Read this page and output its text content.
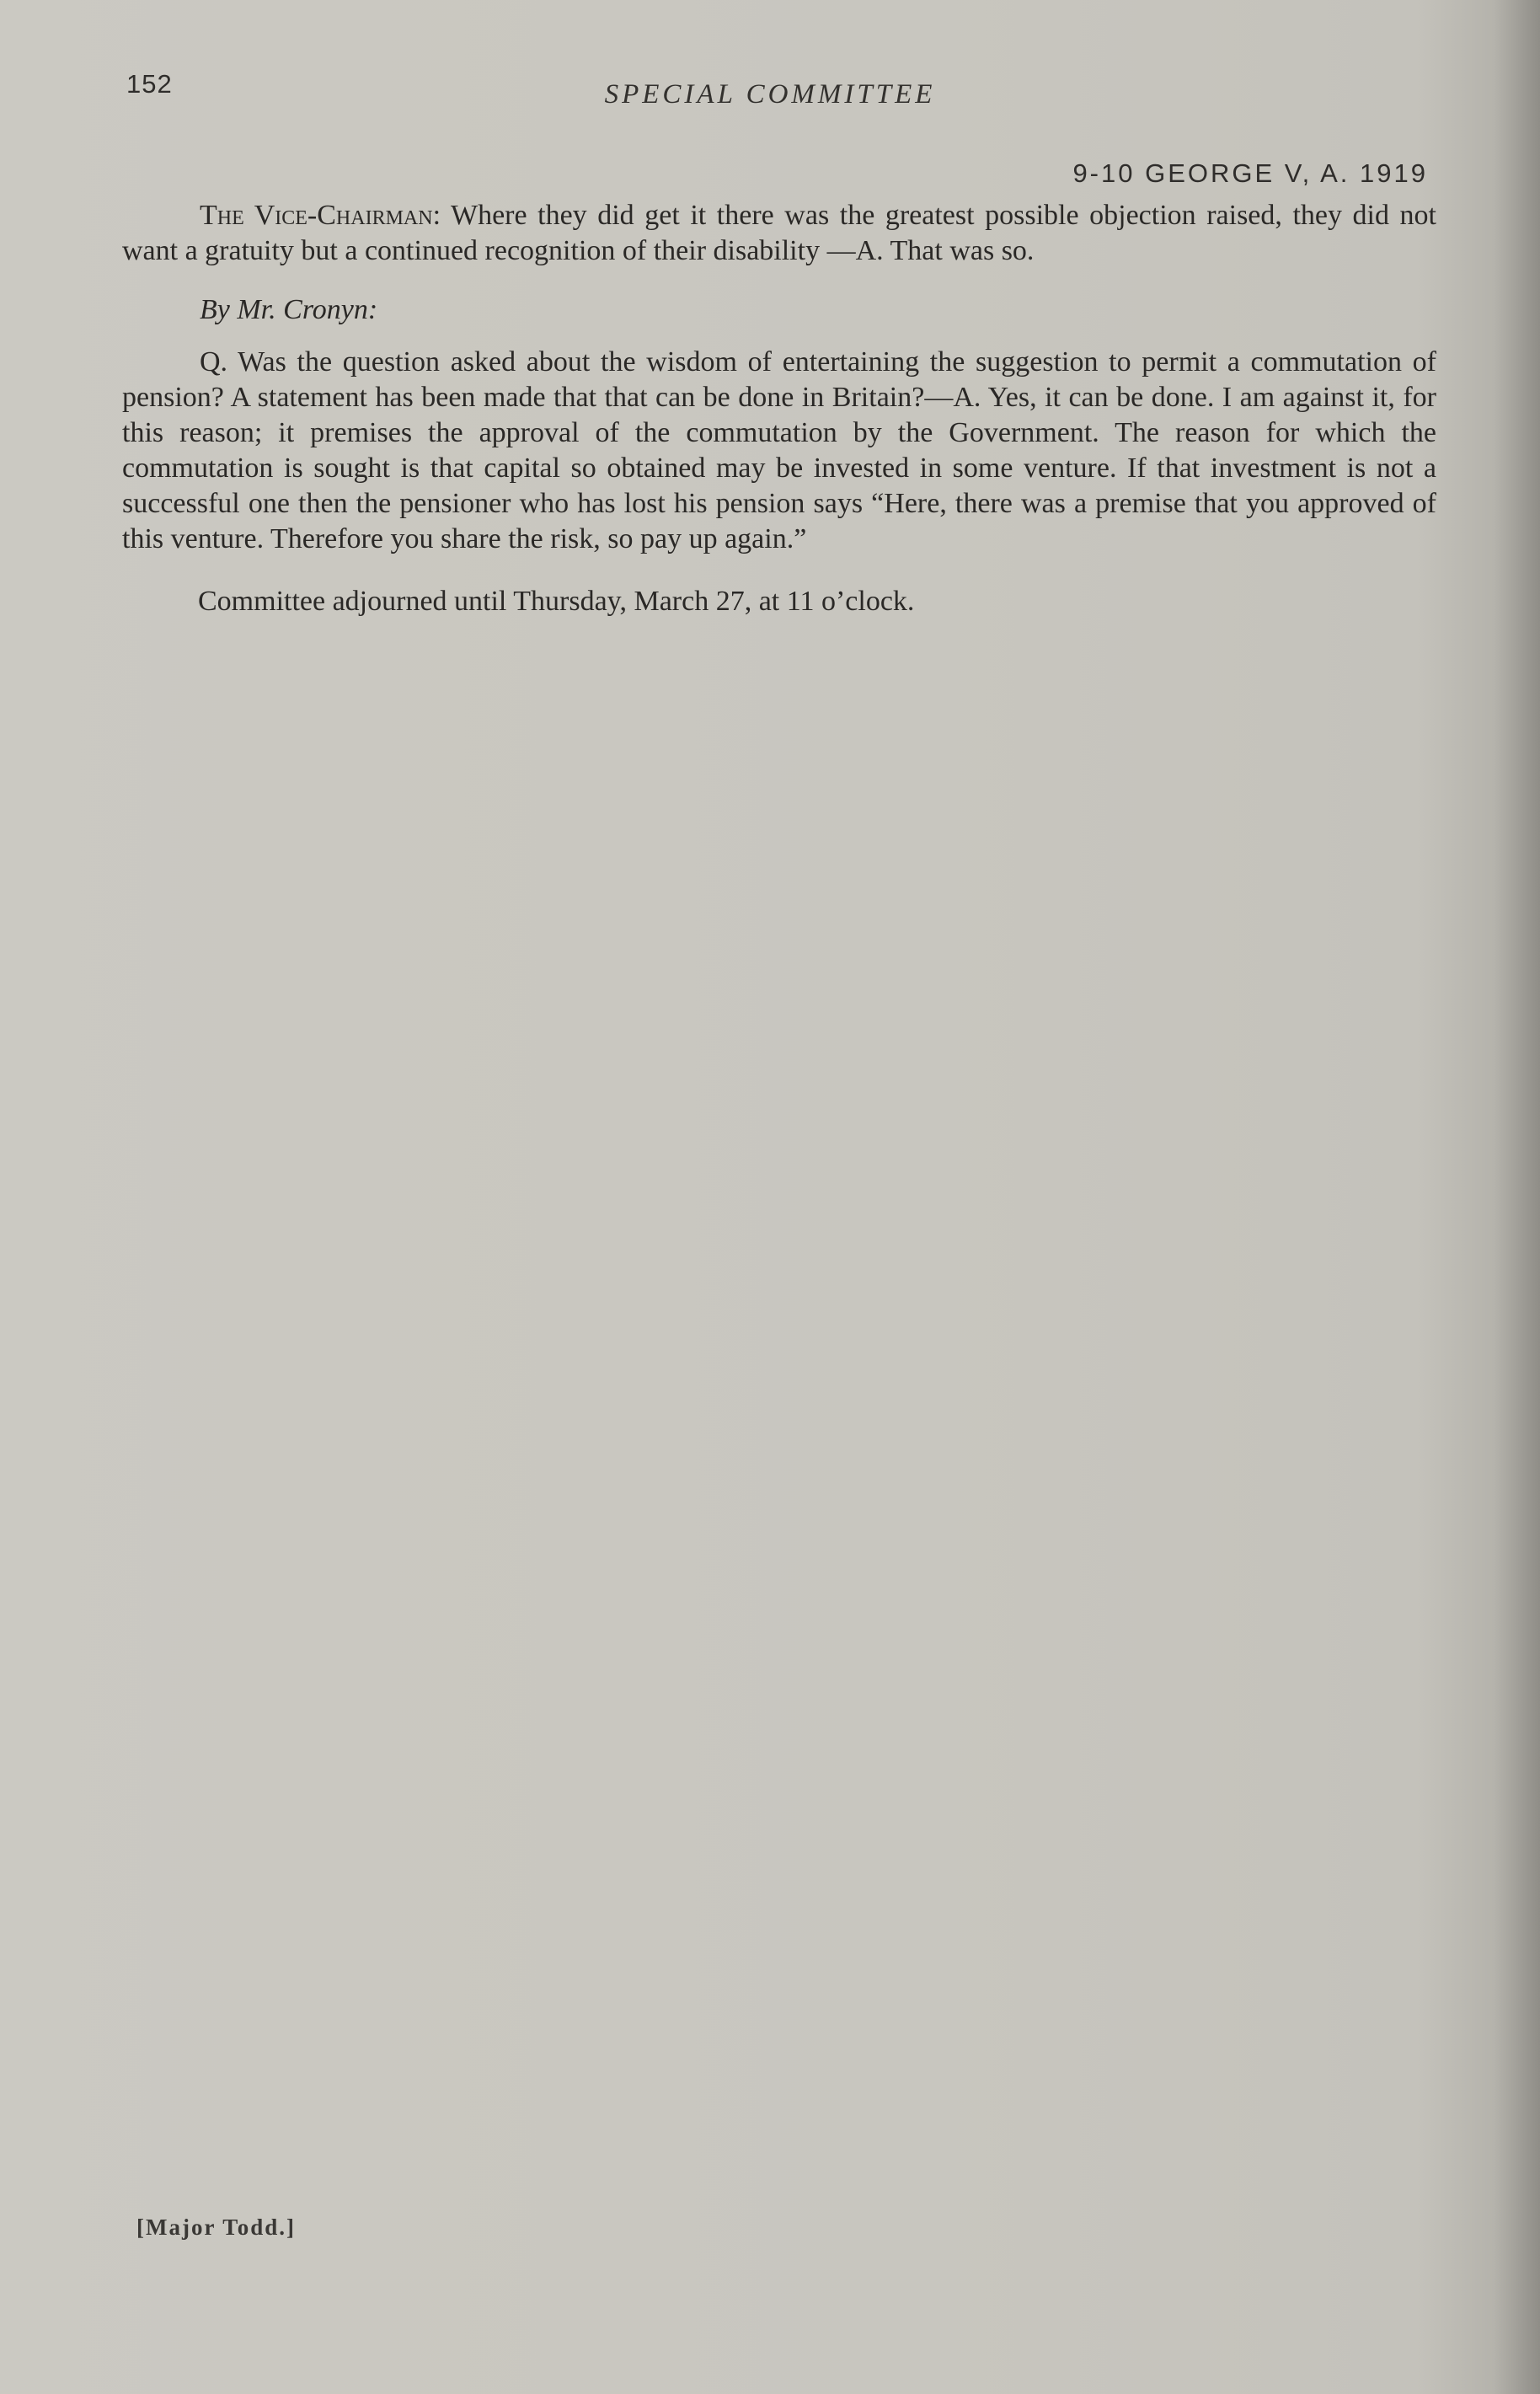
152	SPECIAL COMMITTEE
9-10 GEORGE V, A. 1919

The Vice-Chairman: Where they did get it there was the greatest possible objection raised, they did not want a gratuity but a continued recognition of their disability —A. That was so.

By Mr. Cronyn:

Q. Was the question asked about the wisdom of entertaining the suggestion to permit a commutation of pension? A statement has been made that that can be done in Britain?—A. Yes, it can be done. I am against it, for this reason; it premises the approval of the commutation by the Government. The reason for which the commutation is sought is that capital so obtained may be invested in some venture. If that investment is not a successful one then the pensioner who has lost his pension says “Here, there was a premise that you approved of this venture. Therefore you share the risk, so pay up again.”

Committee adjourned until Thursday, March 27, at 11 o’clock.

[Major Todd.]
